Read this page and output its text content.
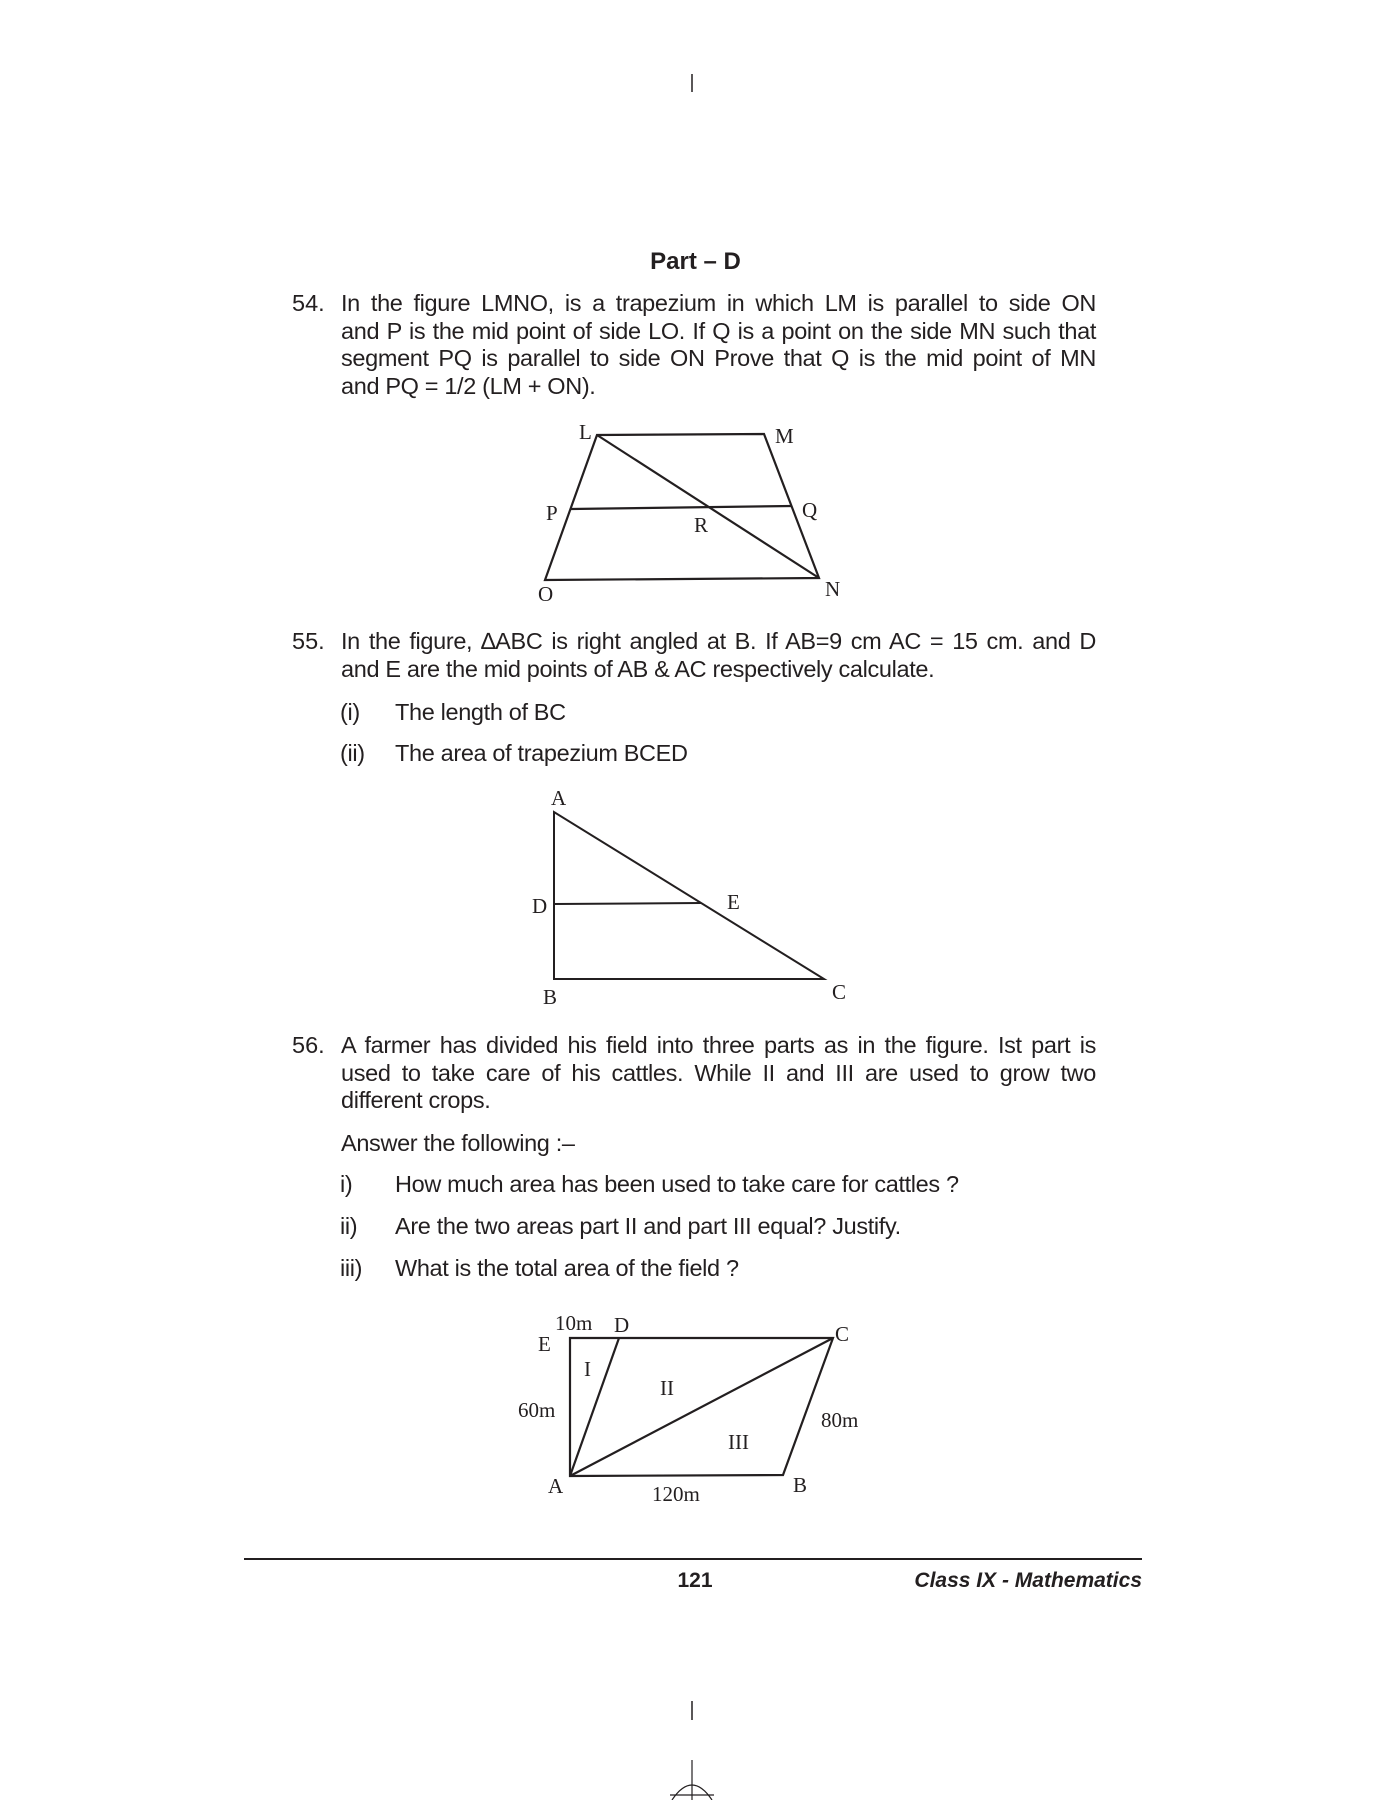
L	M
P	Q
R
O	N
A
D	E
B	C
10m D
E
I
II
60m	80m
III
A	120m	B
C
Part – D
54. In the figure LMNO, is a trapezium in which LM is parallel to side ON
and P is the mid point of side LO. If Q is a point on the side MN such that
segment PQ is parallel to side ON Prove that Q is the mid point of MN
and PQ = 1/2 (LM + ON).
55. In the figure, ∆ABC is right angled at B. If AB=9 cm AC = 15 cm. and D
and E are the mid points of AB & AC respectively calculate.
(i) The length of BC
(ii) The area of trapezium BCED
56. A farmer has divided his field into three parts as in the figure. Ist part is
used to take care of his cattles. While II and III are used to grow two
different crops.
Answer the following :–
i) How much area has been used to take care for cattles ?
ii) Are the two areas part II and part III equal? Justify.
iii) What is the total area of the field ?
121	Class IX - Mathematics
